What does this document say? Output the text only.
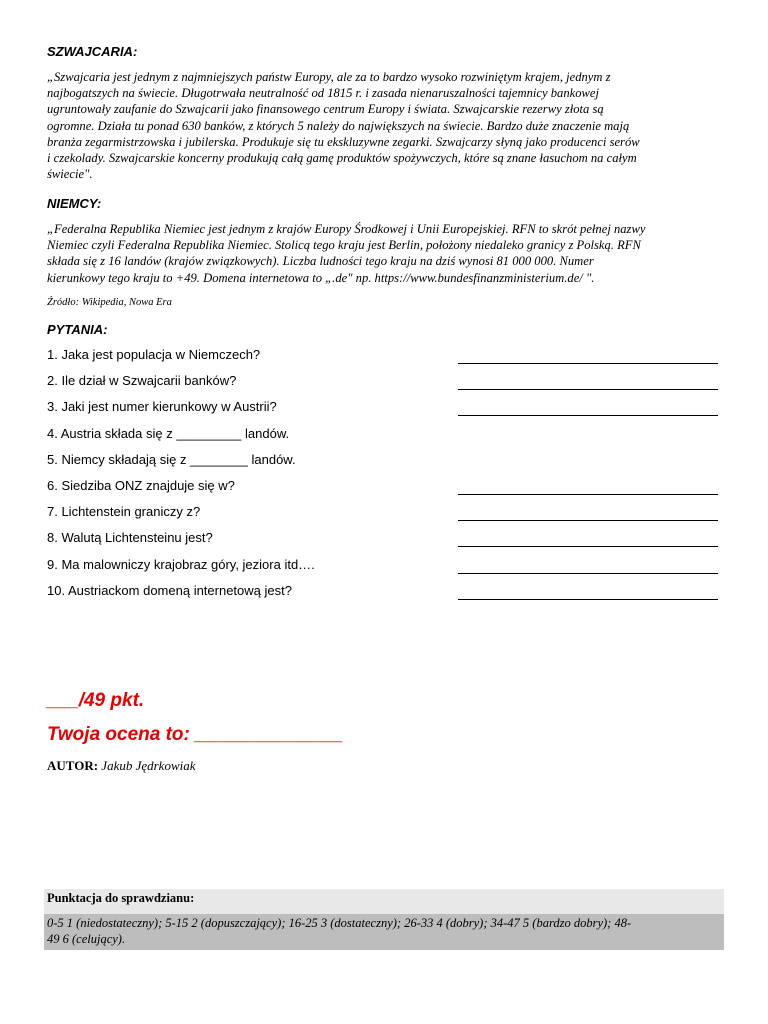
SZWAJCARIA:
„Szwajcaria jest jednym z najmniejszych państw Europy, ale za to bardzo wysoko rozwiniętym krajem, jednym z
najbogatszych na świecie. Długotrwała neutralność od 1815 r. i zasada nienaruszalności tajemnicy bankowej
ugruntowały zaufanie do Szwajcarii jako finansowego centrum Europy i świata. Szwajcarskie rezerwy złota są
ogromne. Działa tu ponad 630 banków, z których 5 należy do największych na świecie. Bardzo duże znaczenie mają
branża zegarmistrzowska i jubilerska. Produkuje się tu ekskluzywne zegarki. Szwajcarzy słyną jako producenci serów
i czekolady. Szwajcarskie koncerny produkują całą gamę produktów spożywczych, które są znane łasuchom na całym
świecie".
NIEMCY:
„Federalna Republika Niemiec jest jednym z krajów Europy Środkowej i Unii Europejskiej. RFN to skrót pełnej nazwy
Niemiec czyli Federalna Republika Niemiec. Stolicą tego kraju jest Berlin, położony niedaleko granicy z Polską. RFN
składa się z 16 landów (krajów związkowych). Liczba ludności tego kraju na dziś wynosi 81 000 000. Numer
kierunkowy tego kraju to +49. Domena internetowa to „.de" np. https://www.bundesfinanzministerium.de/ ".
Źródło: Wikipedia, Nowa Era
PYTANIA:
1. Jaka jest populacja w Niemczech?
2. Ile dział w Szwajcarii banków?
3. Jaki jest numer kierunkowy w Austrii?
4. Austria składa się z _________ landów.
5. Niemcy składają się z ________ landów.
6. Siedziba ONZ znajduje się w?
7. Lichtenstein graniczy z?
8. Walutą Lichtensteinu jest?
9. Ma malowniczy krajobraz góry, jeziora itd….
10. Austriackom domeną internetową jest?
___/49 pkt.
Twoja ocena to: ______________
AUTOR: Jakub Jędrkowiak
Punktacja do sprawdzianu:
0-5 1 (niedostateczny); 5-15 2 (dopuszczający); 16-25 3 (dostateczny); 26-33 4 (dobry); 34-47 5 (bardzo dobry); 48-
49 6 (celujący).
